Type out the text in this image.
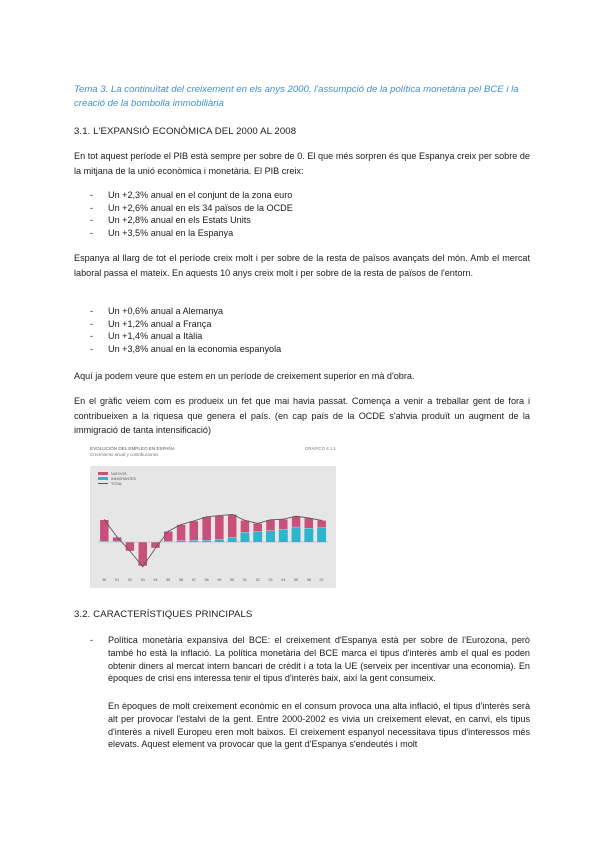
Tema 3. La continuïtat del creixement en els anys 2000, l'assumpció de la política monetària pel BCE i la creació de la bombolla immobiliària
3.1. L'EXPANSIÓ ECONÒMICA DEL 2000 AL 2008
En tot aquest període el PIB està sempre per sobre de 0. El que més sorpren és que Espanya creix per sobre de la mitjana de la unió econòmica i monetària. El PIB creix:
- Un +2,3% anual en el conjunt de la zona euro
- Un +2,6% anual en els 34 països de la OCDE
- Un +2,8% anual en els Estats Units
- Un +3,5% anual en la Espanya
Espanya al llarg de tot el període creix molt i per sobre de la resta de països avançats del món. Amb el mercat laboral passa el mateix. En aquests 10 anys creix molt i per sobre de la resta de països de l'entorn.
- Un +0,6% anual a Alemanya
- Un +1,2% anual a França
- Un +1,4% anual a Itàlia
- Un +3,8% anual en la economia espanyola
Aquí ja podem veure que estem en un període de creixement superior en mà d'obra.
En el gràfic veiem com es produeix un fet que mai havia passat. Comença a venir a treballar gent de fora i contribueixen a la riquesa que genera el país. (en cap país de la OCDE s'ahvia produït un augment de la immigració de tanta intensificació)
EVOLUCIÓN DEL EMPLEO EN ESPAÑA	GRÁFICO 4.1.1
Crecimiento anual y contribuciones
NATIVOS
INMIGRANTES
TOTAL
90 91 92 93 94 95 96 97 98 99 00 01 02 03 04 05 06 07
3.2. CARACTERÍSTIQUES PRINCIPALS
- Política monetària expansiva del BCE: el creixement d'Espanya està per sobre de l'Eurozona, però també ho està la inflació. La política monetària del BCE marca el tipus d'interès amb el qual es poden obtenir diners al mercat intern bancari de crèdit i a tota la UE (serveix per incentivar una economia). En èpoques de crisi ens interessa tenir el tipus d'interès baix, així la gent consumeix.
En èpoques de molt creixement econòmic en el consum provoca una alta inflació, el tipus d'interès serà alt per provocar l'estalvi de la gent. Entre 2000-2002 es vivia un creixement elevat, en canvi, els tipus d'interès a nivell Europeu eren molt baixos. El creixement espanyol necessitava tipus d'interessos més elevats. Aquest element va provocar que la gent d'Espanya s'endeutés i molt
